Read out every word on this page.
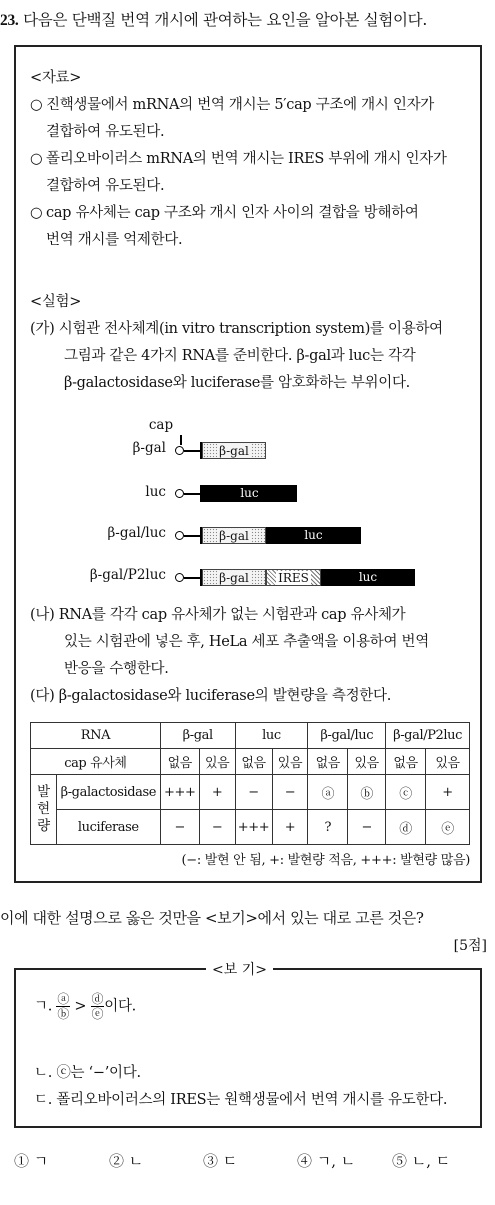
23. 다음은 단백질 번역 개시에 관여하는 요인을 알아본 실험이다.
<자료>
○ 진핵생물에서 mRNA의 번역 개시는 5′cap 구조에 개시 인자가
결합하여 유도된다.
○ 폴리오바이러스 mRNA의 번역 개시는 IRES 부위에 개시 인자가
결합하여 유도된다.
○ cap 유사체는 cap 구조와 개시 인자 사이의 결합을 방해하여
번역 개시를 억제한다.
<실험>
(가) 시험관 전사체계(in vitro transcription system)를 이용하여
그림과 같은 4가지 RNA를 준비한다. β-gal과 luc는 각각
β-galactosidase와 luciferase를 암호화하는 부위이다.
cap
β-gal	β-gal
luc	luc
β-gal/luc	β-gal	luc
β-gal/P2luc	β-gal	IRES	luc
(나) RNA를 각각 cap 유사체가 없는 시험관과 cap 유사체가
있는 시험관에 넣은 후, HeLa 세포 추출액을 이용하여 번역
반응을 수행한다.
(다) β-galactosidase와 luciferase의 발현량을 측정한다.
RNA		β-gal		luc		β-gal/luc		β-gal/P2luc	
cap 유사체		없음	있음	없음	있음	없음	있음	없음	있음

발
현
량	β-galactosidase	+++	+	−	−	ⓐ	ⓑ	ⓒ	+
	luciferase	−	−	+++	+	?	−	ⓓ	ⓔ
(−: 발현 안 됨, +: 발현량 적음, +++: 발현량 많음)
이에 대한 설명으로 옳은 것만을 <보기>에서 있는 대로 고른 것은?
[5점]
<보 기>
ㄱ. $\frac{ⓐ}{ⓑ} > \frac{ⓓ}{ⓔ}$ 이다.
ㄴ. ⓒ는 ‘−’이다.
ㄷ. 폴리오바이러스의 IRES는 원핵생물에서 번역 개시를 유도한다.
① ㄱ	② ㄴ	③ ㄷ	④ ㄱ, ㄴ ⑤ ㄴ, ㄷ
